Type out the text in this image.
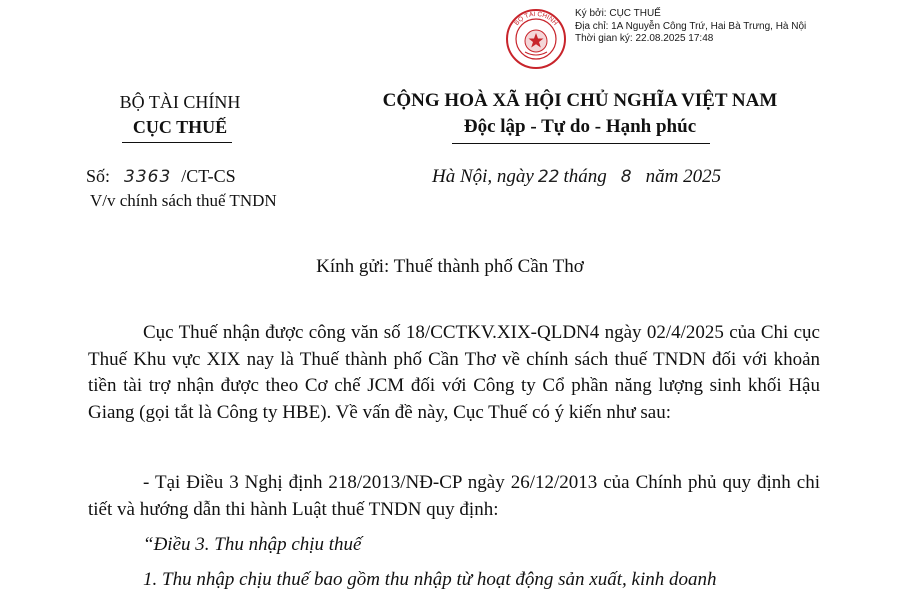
BỘ TÀI CHÍNH
Ký bởi: CỤC THUẾ
Địa chỉ: 1A Nguyễn Công Trứ, Hai Bà Trưng, Hà Nội
Thời gian ký: 22.08.2025 17:48
BỘ TÀI CHÍNH
CỤC THUẾ
CỘNG HOÀ XÃ HỘI CHỦ NGHĨA VIỆT NAM
Độc lập - Tự do - Hạnh phúc
Số: 3363 /CT-CS
V/v chính sách thuế TNDN
Hà Nội, ngày 22 tháng 8 năm 2025
Kính gửi: Thuế thành phố Cần Thơ
Cục Thuế nhận được công văn số 18/CCTKV.XIX-QLDN4 ngày 02/4/2025 của Chi cục Thuế Khu vực XIX nay là Thuế thành phố Cần Thơ về chính sách thuế TNDN đối với khoản tiền tài trợ nhận được theo Cơ chế JCM đối với Công ty Cổ phần năng lượng sinh khối Hậu Giang (gọi tắt là Công ty HBE). Về vấn đề này, Cục Thuế có ý kiến như sau:
- Tại Điều 3 Nghị định 218/2013/NĐ-CP ngày 26/12/2013 của Chính phủ quy định chi tiết và hướng dẫn thi hành Luật thuế TNDN quy định:
“Điều 3. Thu nhập chịu thuế
1. Thu nhập chịu thuế bao gồm thu nhập từ hoạt động sản xuất, kinh doanh
